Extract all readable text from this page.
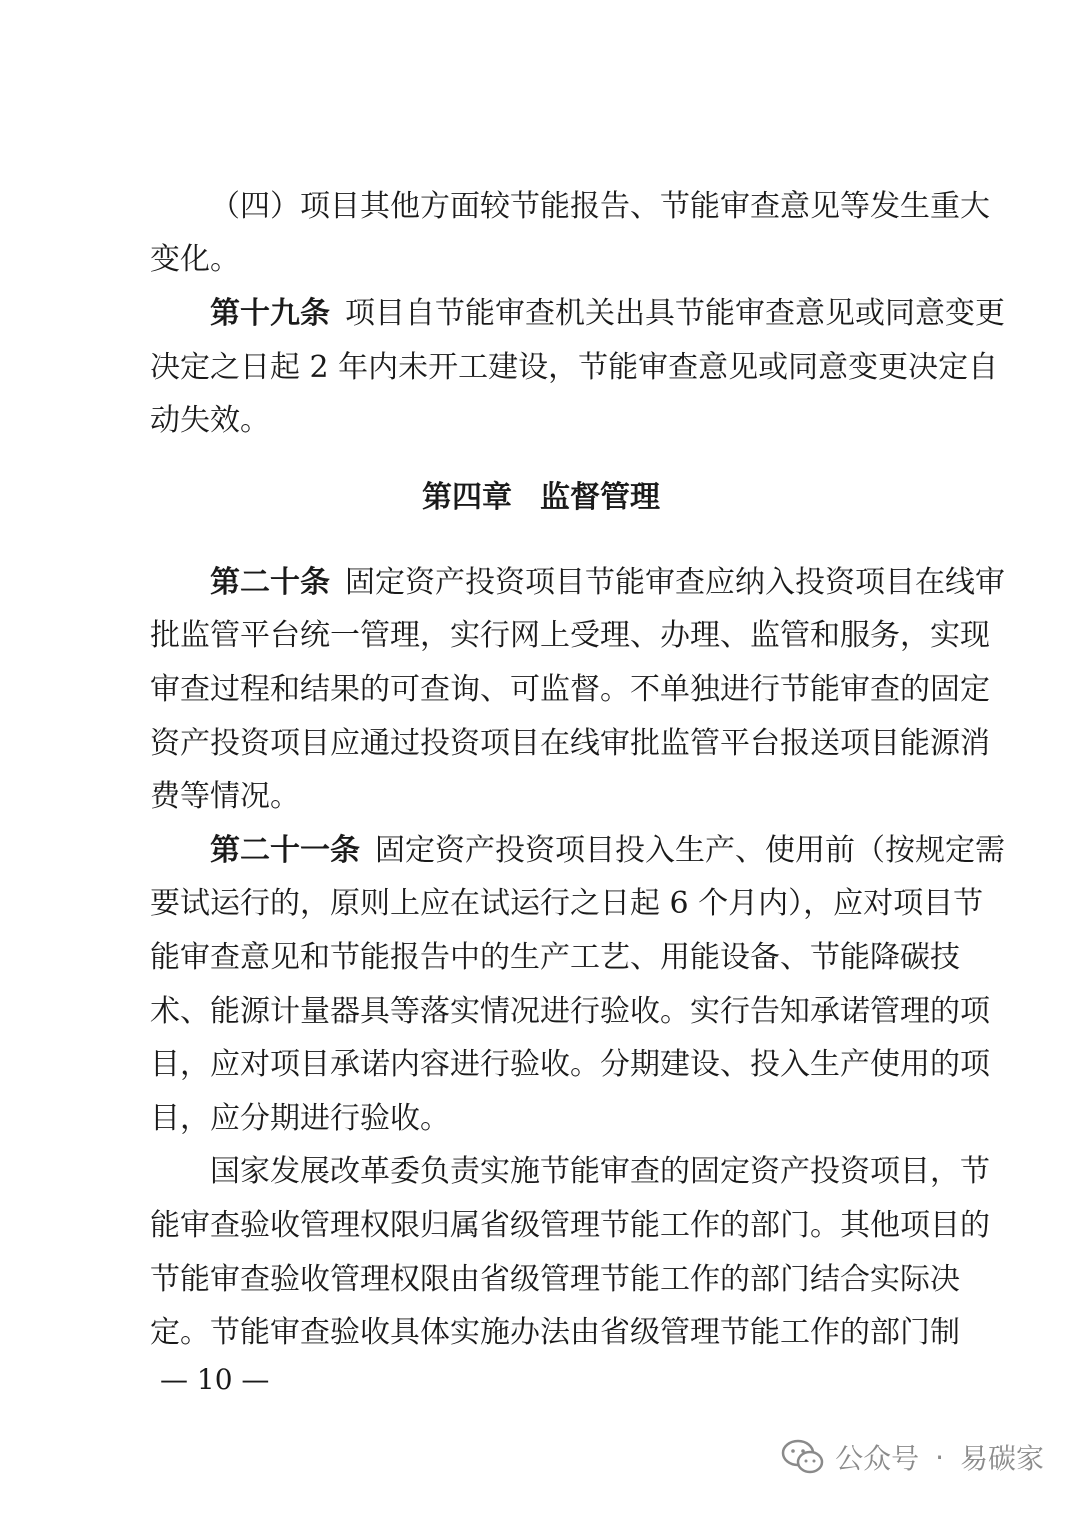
（四）项目其他方面较节能报告、节能审查意见等发生重大
变化。
第十九条  项目自节能审查机关出具节能审查意见或同意变更
决定之日起 2 年内未开工建设，节能审查意见或同意变更决定自
动失效。
第四章 监督管理
第二十条  固定资产投资项目节能审查应纳入投资项目在线审
批监管平台统一管理，实行网上受理、办理、监管和服务，实现
审查过程和结果的可查询、可监督。不单独进行节能审查的固定
资产投资项目应通过投资项目在线审批监管平台报送项目能源消
费等情况。
第二十一条  固定资产投资项目投入生产、使用前（按规定需
要试运行的，原则上应在试运行之日起 6 个月内），应对项目节
能审查意见和节能报告中的生产工艺、用能设备、节能降碳技
术、能源计量器具等落实情况进行验收。实行告知承诺管理的项
目，应对项目承诺内容进行验收。分期建设、投入生产使用的项
目，应分期进行验收。
国家发展改革委负责实施节能审查的固定资产投资项目，节
能审查验收管理权限归属省级管理节能工作的部门。其他项目的
节能审查验收管理权限由省级管理节能工作的部门结合实际决
定。节能审查验收具体实施办法由省级管理节能工作的部门制
— 10 —
公众号 · 易碳家
